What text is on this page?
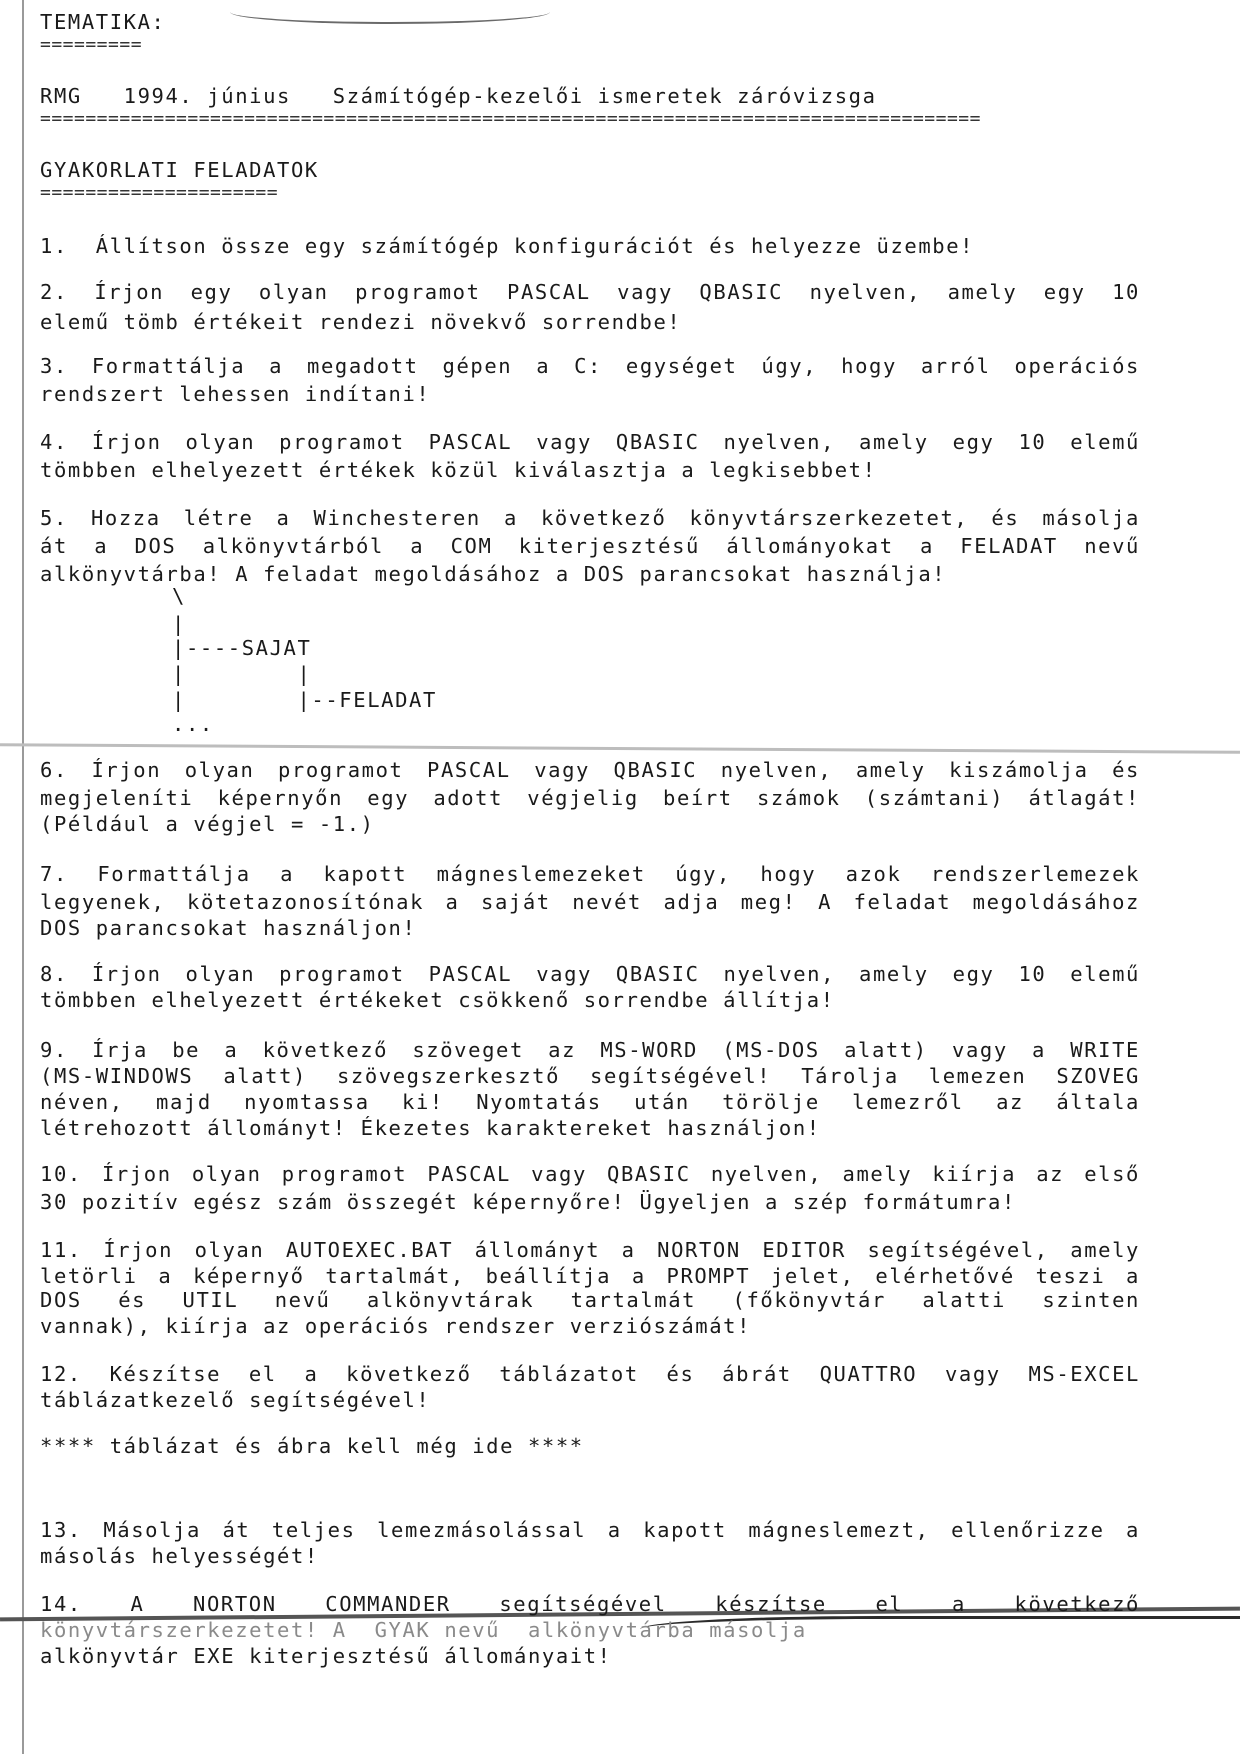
TEMATIKA:
=========
RMG   1994. június   Számítógép-kezelői ismeretek záróvizsga
===================================================================================
GYAKORLATI FELADATOK
=====================
1.  Állítson össze egy számítógép konfigurációt és helyezze üzembe!
2. Írjon egy olyan programot PASCAL vagy QBASIC nyelven, amely egy 10
elemű tömb értékeit rendezi növekvő sorrendbe!
3. Formattálja a megadott gépen a C: egységet úgy, hogy arról operációs
rendszert lehessen indítani!
4. Írjon olyan programot PASCAL vagy QBASIC nyelven, amely egy 10 elemű
tömbben elhelyezett értékek közül kiválasztja a legkisebbet!
5. Hozza létre a Winchesteren a következő könyvtárszerkezetet, és másolja
át a DOS alkönyvtárból a COM kiterjesztésű állományokat a FELADAT nevű
alkönyvtárba! A feladat megoldásához a DOS parancsokat használja!
\
|
|----SAJAT
|        |
|        |--FELADAT
...
6. Írjon olyan programot PASCAL vagy QBASIC nyelven, amely kiszámolja és
megjeleníti képernyőn egy adott végjelig beírt számok (számtani) átlagát!
(Például a végjel = -1.)
7. Formattálja a kapott mágneslemezeket úgy, hogy azok rendszerlemezek
legyenek, kötetazonosítónak a saját nevét adja meg! A feladat megoldásához
DOS parancsokat használjon!
8. Írjon olyan programot PASCAL vagy QBASIC nyelven, amely egy 10 elemű
tömbben elhelyezett értékeket csökkenő sorrendbe állítja!
9. Írja be a következő szöveget az MS-WORD (MS-DOS alatt) vagy a WRITE
(MS-WINDOWS alatt) szövegszerkesztő segítségével! Tárolja lemezen SZOVEG
néven, majd nyomtassa ki! Nyomtatás után törölje lemezről az általa
létrehozott állományt! Ékezetes karaktereket használjon!
10. Írjon olyan programot PASCAL vagy QBASIC nyelven, amely kiírja az első
30 pozitív egész szám összegét képernyőre! Ügyeljen a szép formátumra!
11. Írjon olyan AUTOEXEC.BAT állományt a NORTON EDITOR segítségével, amely
letörli a képernyő tartalmát, beállítja a PROMPT jelet, elérhetővé teszi a
DOS és UTIL nevű alkönyvtárak tartalmát (főkönyvtár alatti szinten
vannak), kiírja az operációs rendszer verziószámát!
12. Készítse el a következő táblázatot és ábrát QUATTRO vagy MS-EXCEL
táblázatkezelő segítségével!
**** táblázat és ábra kell még ide ****
13. Másolja át teljes lemezmásolással a kapott mágneslemezt, ellenőrizze a
másolás helyességét!
14. A NORTON COMMANDER segítségével készítse el a következő
könyvtárszerkezetet! A  GYAK nevű  alkönyvtárba másolja
alkönyvtár EXE kiterjesztésű állományait!
